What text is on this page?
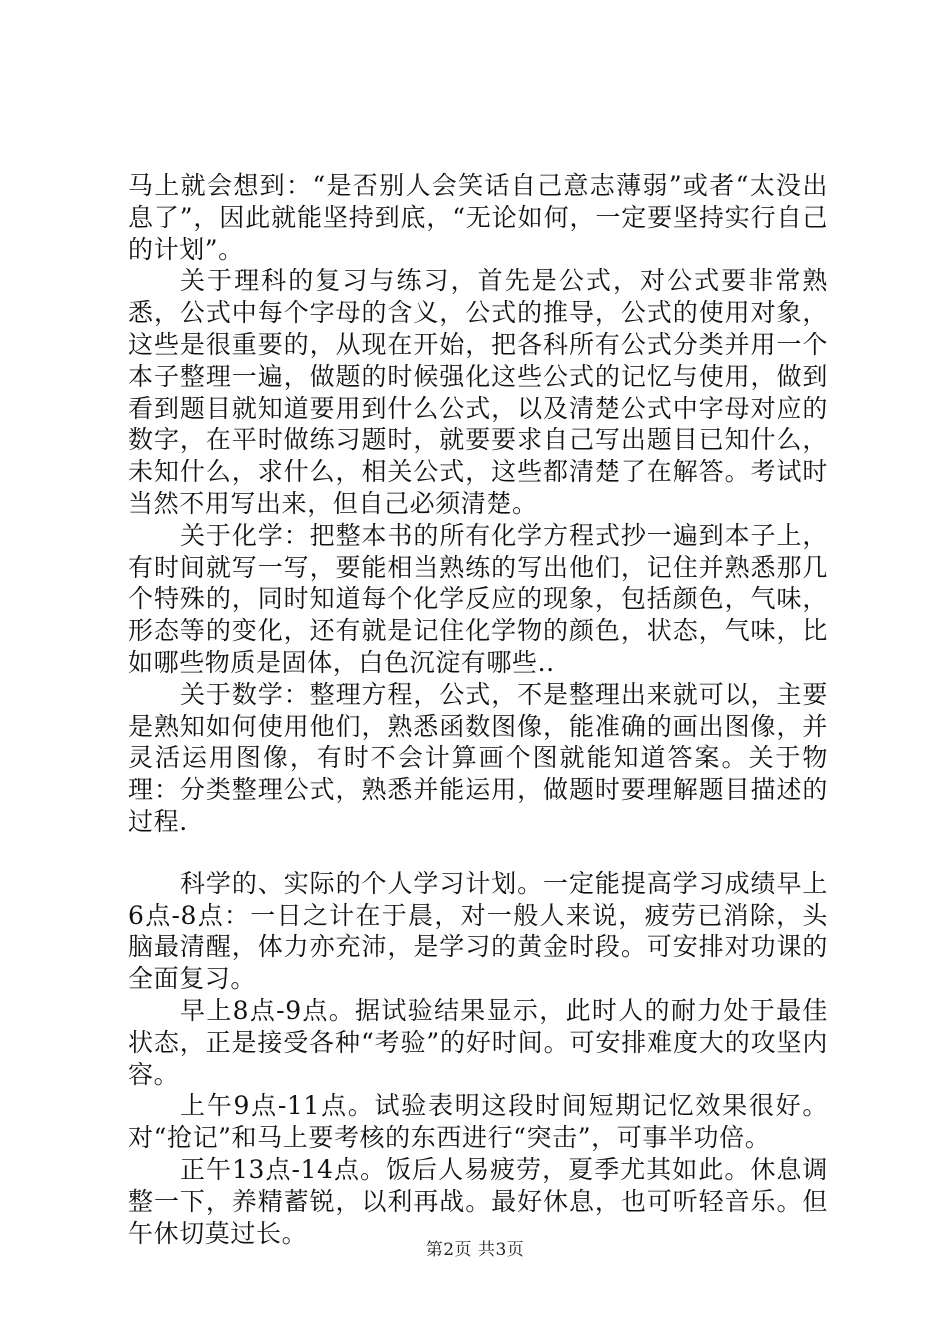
马上就会想到：“是否别人会笑话自己意志薄弱”或者“太没出息了”，因此就能坚持到底，“无论如何，一定要坚持实行自己的计划”。

关于理科的复习与练习，首先是公式，对公式要非常熟悉，公式中每个字母的含义，公式的推导，公式的使用对象，这些是很重要的，从现在开始，把各科所有公式分类并用一个本子整理一遍，做题的时候强化这些公式的记忆与使用，做到看到题目就知道要用到什么公式，以及清楚公式中字母对应的数字，在平时做练习题时，就要要求自己写出题目已知什么，未知什么，求什么，相关公式，这些都清楚了在解答。考试时当然不用写出来，但自己必须清楚。

关于化学：把整本书的所有化学方程式抄一遍到本子上，有时间就写一写，要能相当熟练的写出他们，记住并熟悉那几个特殊的，同时知道每个化学反应的现象，包括颜色，气味，形态等的变化，还有就是记住化学物的颜色，状态，气味，比如哪些物质是固体，白色沉淀有哪些..

关于数学：整理方程，公式，不是整理出来就可以，主要是熟知如何使用他们，熟悉函数图像，能准确的画出图像，并灵活运用图像，有时不会计算画个图就能知道答案。关于物理：分类整理公式，熟悉并能运用，做题时要理解题目描述的过程.

科学的、实际的个人学习计划。一定能提高学习成绩早上6点-8点：一日之计在于晨，对一般人来说，疲劳已消除，头脑最清醒，体力亦充沛，是学习的黄金时段。可安排对功课的全面复习。

早上8点-9点。据试验结果显示，此时人的耐力处于最佳状态，正是接受各种“考验”的好时间。可安排难度大的攻坚内容。

上午9点-11点。试验表明这段时间短期记忆效果很好。对“抢记”和马上要考核的东西进行“突击”，可事半功倍。

正午13点-14点。饭后人易疲劳，夏季尤其如此。休息调整一下，养精蓄锐，以利再战。最好休息，也可听轻音乐。但午休切莫过长。

第2页 共3页
